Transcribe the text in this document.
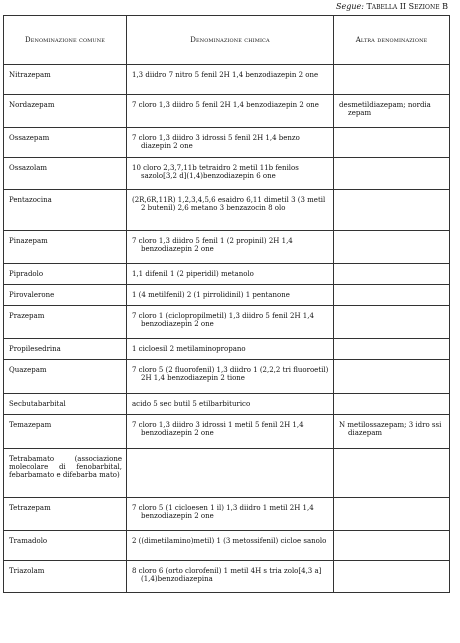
Segue: Tabella II Sezione B
Denominazione comune	Denominazione chimica	Altra denominazione
Nitrazepam	1,3 diidro 7 nitro 5 fenil 2H 1,4 benzodiazepin 2 one	
Nordazepam	7 cloro 1,3 diidro 5 fenil 2H 1,4 benzodiazepin 2 one	desmetildiazepam; nordia zepam
Ossazepam	7 cloro 1,3 diidro 3 idrossi 5 fenil 2H 1,4 benzo diazepin 2 one	
Ossazolam	10 cloro 2,3,7,11b tetraidro 2 metil 11b fenilos sazolo[3,2 d](1,4)benzodiazepin 6 one	
Pentazocina	(2R,6R,11R) 1,2,3,4,5,6 esaidro 6,11 dimetil 3 (3 metil 2 butenil) 2,6 metano 3 benzazocin 8 olo	
Pinazepam	7 cloro 1,3 diidro 5 fenil 1 (2 propinil) 2H 1,4 benzodiazepin 2 one	
Pipradolo	1,1 difenil 1 (2 piperidil) metanolo	
Pirovalerone	1 (4 metilfenil) 2 (1 pirrolidinil) 1 pentanone	
Prazepam	7 cloro 1 (ciclopropilmetil) 1,3 diidro 5 fenil 2H 1,4 benzodiazepin 2 one	
Propilesedrina	1 cicloesil 2 metilaminopropano	
Quazepam	7 cloro 5 (2 fluorofenil) 1,3 diidro 1 (2,2,2 tri fluoroetil) 2H 1,4 benzodiazepin 2 tione	
Secbutabarbital	acido 5 sec butil 5 etilbarbiturico	
Temazepam	7 cloro 1,3 diidro 3 idrossi 1 metil 5 fenil 2H 1,4 benzodiazepin 2 one	N metilossazepam; 3 idro ssi diazepam
Tetrabamato (associazione molecolare di fenobarbital, febarbamato e difebarba mato)		
Tetrazepam	7 cloro 5 (1 cicloesen 1 il) 1,3 diidro 1 metil 2H 1,4 benzodiazepin 2 one	
Tramadolo	2 ((dimetilamino)metil) 1 (3 metossifenil) cicloe sanolo	
Triazolam	8 cloro 6 (orto clorofenil) 1 metil 4H s tria zolo[4,3 a] (1,4)benzodiazepina	
